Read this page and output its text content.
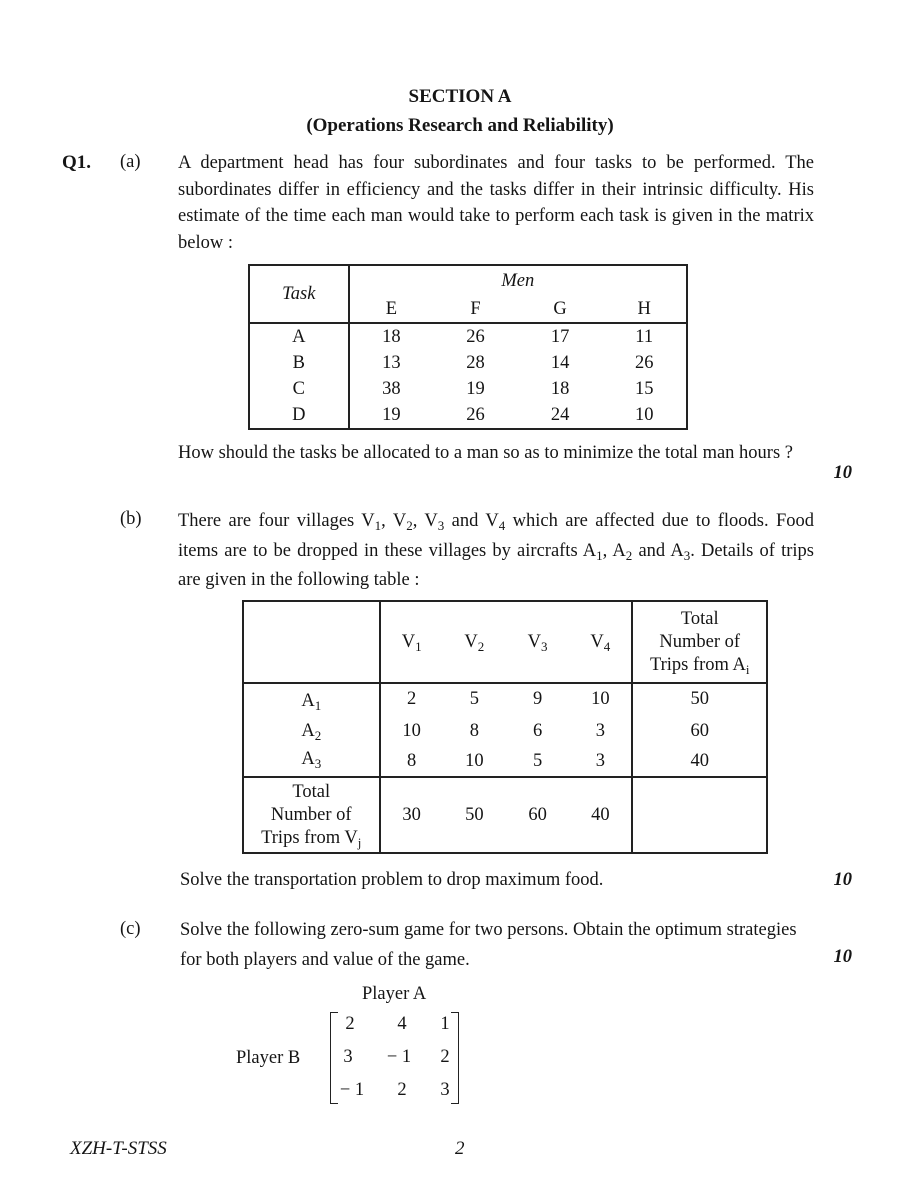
SECTION A
(Operations Research and Reliability)
Q1. (a) A department head has four subordinates and four tasks to be performed. The subordinates differ in efficiency and the tasks differ in their intrinsic difficulty. His estimate of the time each man would take to perform each task is given in the matrix below :
Task	Men			
	E	F	G	H
A	18	26	17	11
B	13	28	14	26
C	38	19	18	15
D	19	26	24	10
How should the tasks be allocated to a man so as to minimize the total man hours ?
10
(b) There are four villages $V_1$, $V_2$, $V_3$ and $V_4$ which are affected due to floods. Food items are to be dropped in these villages by aircrafts $A_1$, $A_2$ and $A_3$. Details of trips are given in the following table :
	$V_1$	$V_2$	$V_3$	$V_4$	Total
Number of
Trips from $A_i$

$A_1$	2	5	9	10	50
$A_2$	10	8	6	3	60
$A_3$	8	10	5	3	40

Total
Number of
Trips from $V_j$	30	50	60	40	
Solve the transportation problem to drop maximum food.	10
(c) Solve the following zero-sum game for two persons. Obtain the optimum strategies for both players and value of the game.	10
Player A
Player B
2	4	1
3	− 1	2
− 1	2	3
XZH-T-STSS	2
